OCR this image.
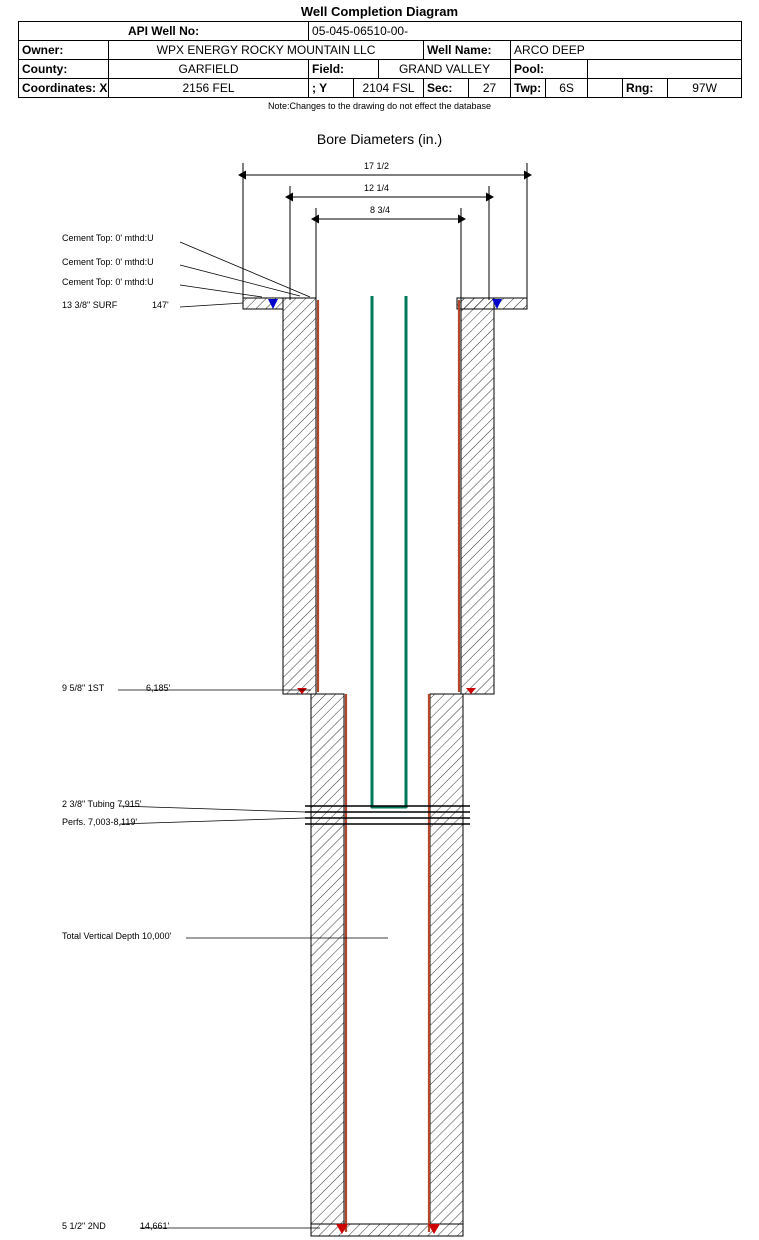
Well Completion Diagram
API Well No:		05-045-06510-00-									
Owner:	WPX ENERGY ROCKY MOUNTAIN LLC				Well Name:		ARCO DEEP				
County:	GARFIELD	Field:		GRAND VALLEY			Pool:				
Coordinates: X	2156 FEL	; Y	2104 FSL		Sec:	27	Twp:	6S		Rng:	97W
Note:Changes to the drawing do not effect the database
Bore Diameters (in.)
17 1/2
12 1/4
8 3/4
Cement Top: 0' mthd:U
Cement Top: 0' mthd:U
Cement Top: 0' mthd:U
13 3/8" SURF	147'
9 5/8" 1ST	6,185'
2 3/8" Tubing 7,915'
Perfs. 7,003-8,119'
Total Vertical Depth 10,000'
5 1/2" 2ND	14,661'
